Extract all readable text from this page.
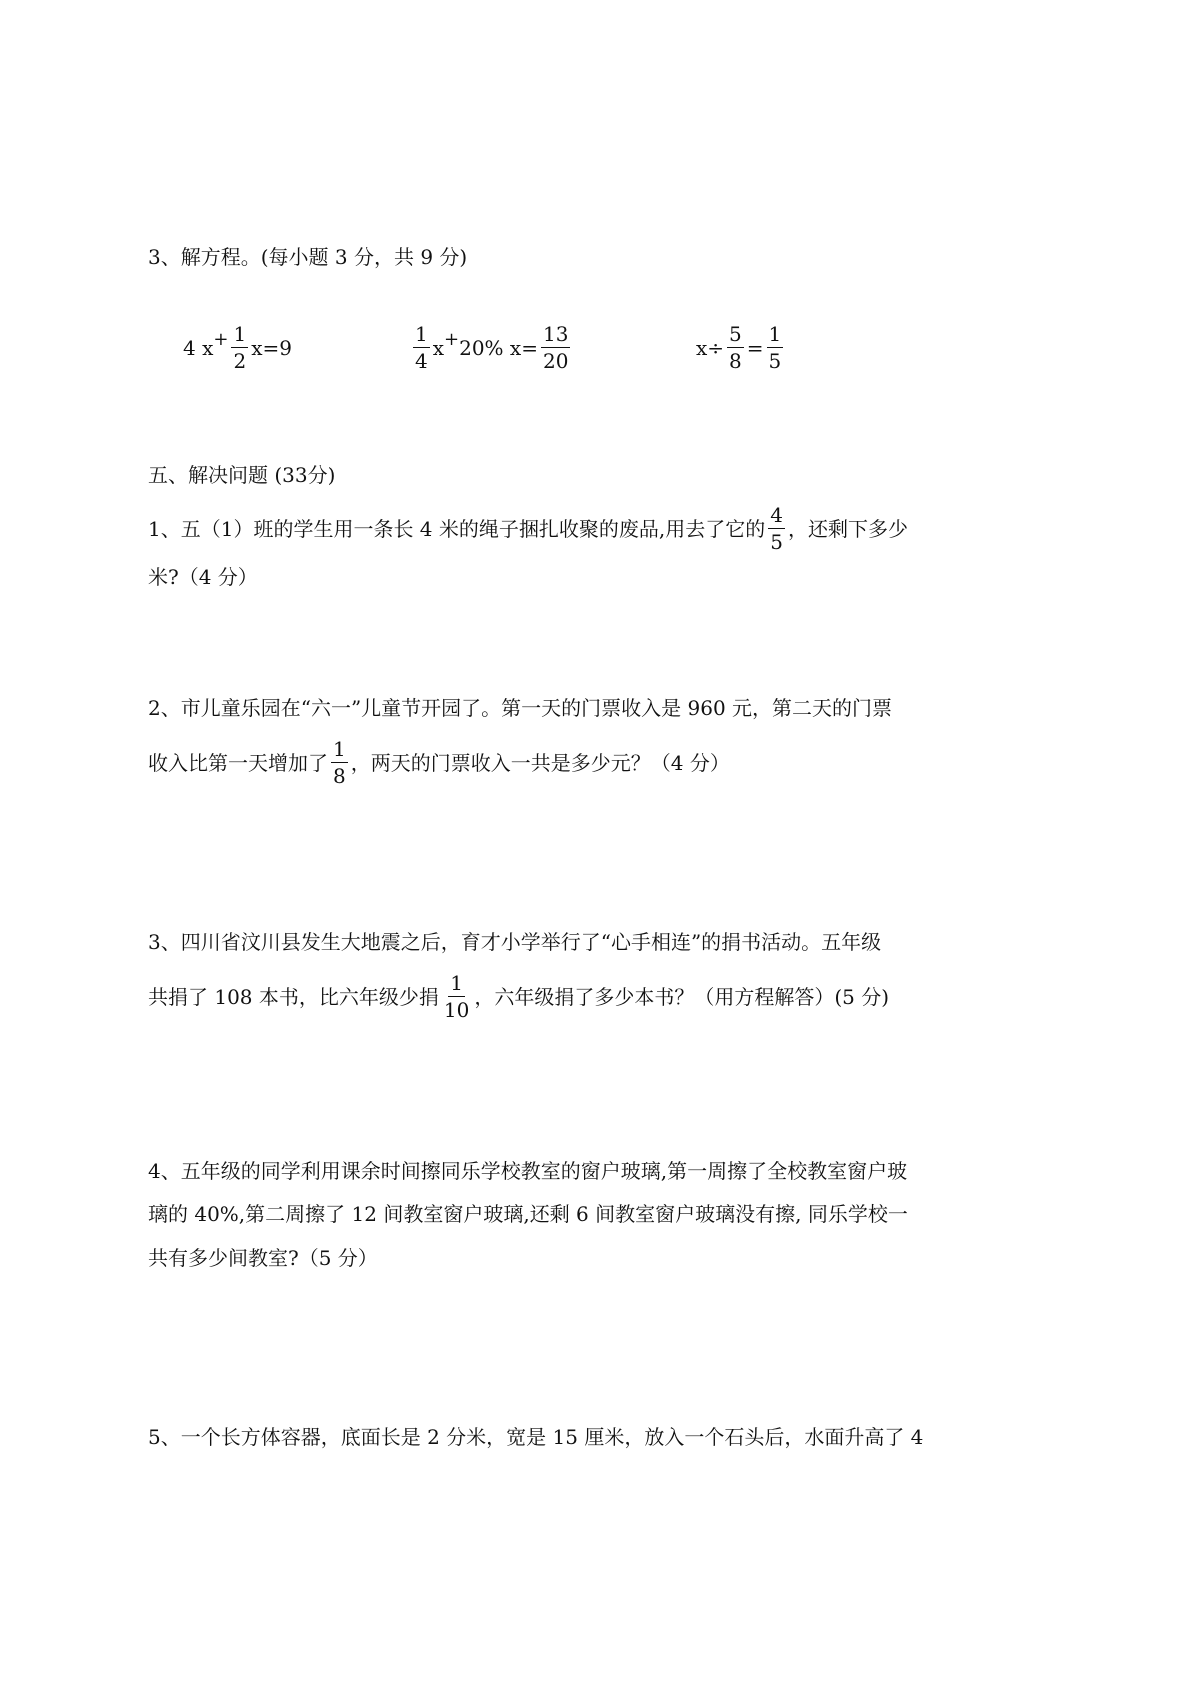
3、解方程。(每小题 3 分，共 9 分)
4 $x + \frac{1}{2} x=9$	$\frac{1}{4}$ x + 20% $x= \frac{13}{20}$	$x\div \frac{5}{8} = \frac{1}{5}$
五、解决问题 (33分)
1、五（1）班的学生用一条长 4 米的绳子捆扎收聚的废品,用去了它的 $\frac{4}{5}$ ，还剩下多少
米?（4 分）
2、市儿童乐园在“六一”儿童节开园了。第一天的门票收入是 960 元，第二天的门票
收入比第一天增加了 $\frac{1}{8}$ ，两天的门票收入一共是多少元？（4 分）
3、四川省汶川县发生大地震之后，育才小学举行了“心手相连”的捐书活动。五年级
共捐了 108 本书，比六年级少捐 $\frac{1}{10}$ ，六年级捐了多少本书？（用方程解答）(5 分)
4、五年级的同学利用课余时间擦同乐学校教室的窗户玻璃,第一周擦了全校教室窗户玻
璃的 40%,第二周擦了 12 间教室窗户玻璃,还剩 6 间教室窗户玻璃没有擦, 同乐学校一
共有多少间教室?（5 分）
5、一个长方体容器，底面长是 2 分米，宽是 15 厘米，放入一个石头后，水面升高了 4
